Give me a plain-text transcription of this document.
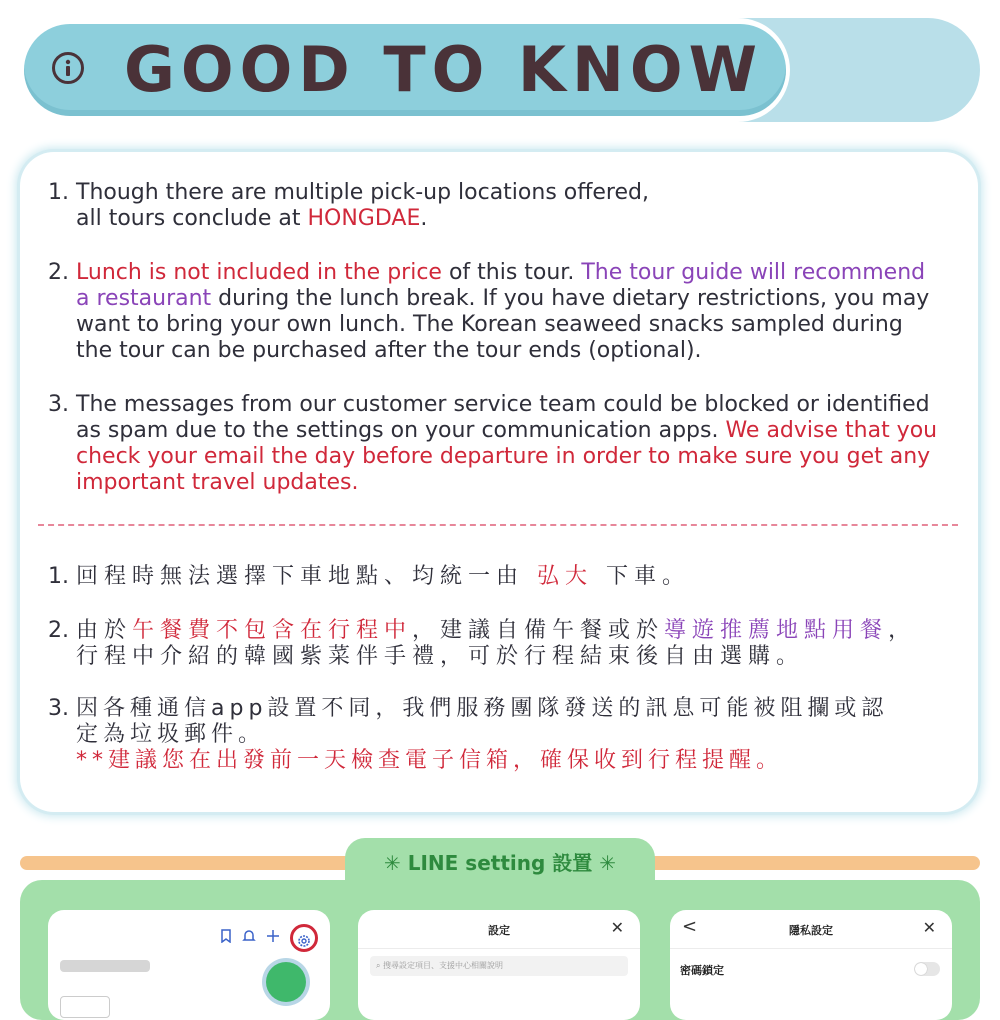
GOOD TO KNOW
1. Though there are multiple pick-up locations offered,
all tours conclude at HONGDAE.
2. Lunch is not included in the price of this tour. The tour guide will recommend
a restaurant during the lunch break. If you have dietary restrictions, you may
want to bring your own lunch. The Korean seaweed snacks sampled during
the tour can be purchased after the tour ends (optional).
3. The messages from our customer service team could be blocked or identified
as spam due to the settings on your communication apps. We advise that you
check your email the day before departure in order to make sure you get any
important travel updates.
1. 回程時無法選擇下車地點、均統一由 弘大 下車。
2. 由於午餐費不包含在行程中，建議自備午餐或於導遊推薦地點用餐，
行程中介紹的韓國紫菜伴手禮，可於行程結束後自由選購。
3. 因各種通信app設置不同，我們服務團隊發送的訊息可能被阻攔或認
定為垃圾郵件。
**建議您在出發前一天檢查電子信箱，確保收到行程提醒。
✳ LINE setting 設置 ✳
設定	✕
⌕ 搜尋設定項目、支援中心相關說明
<	隱私設定	✕
密碼鎖定
